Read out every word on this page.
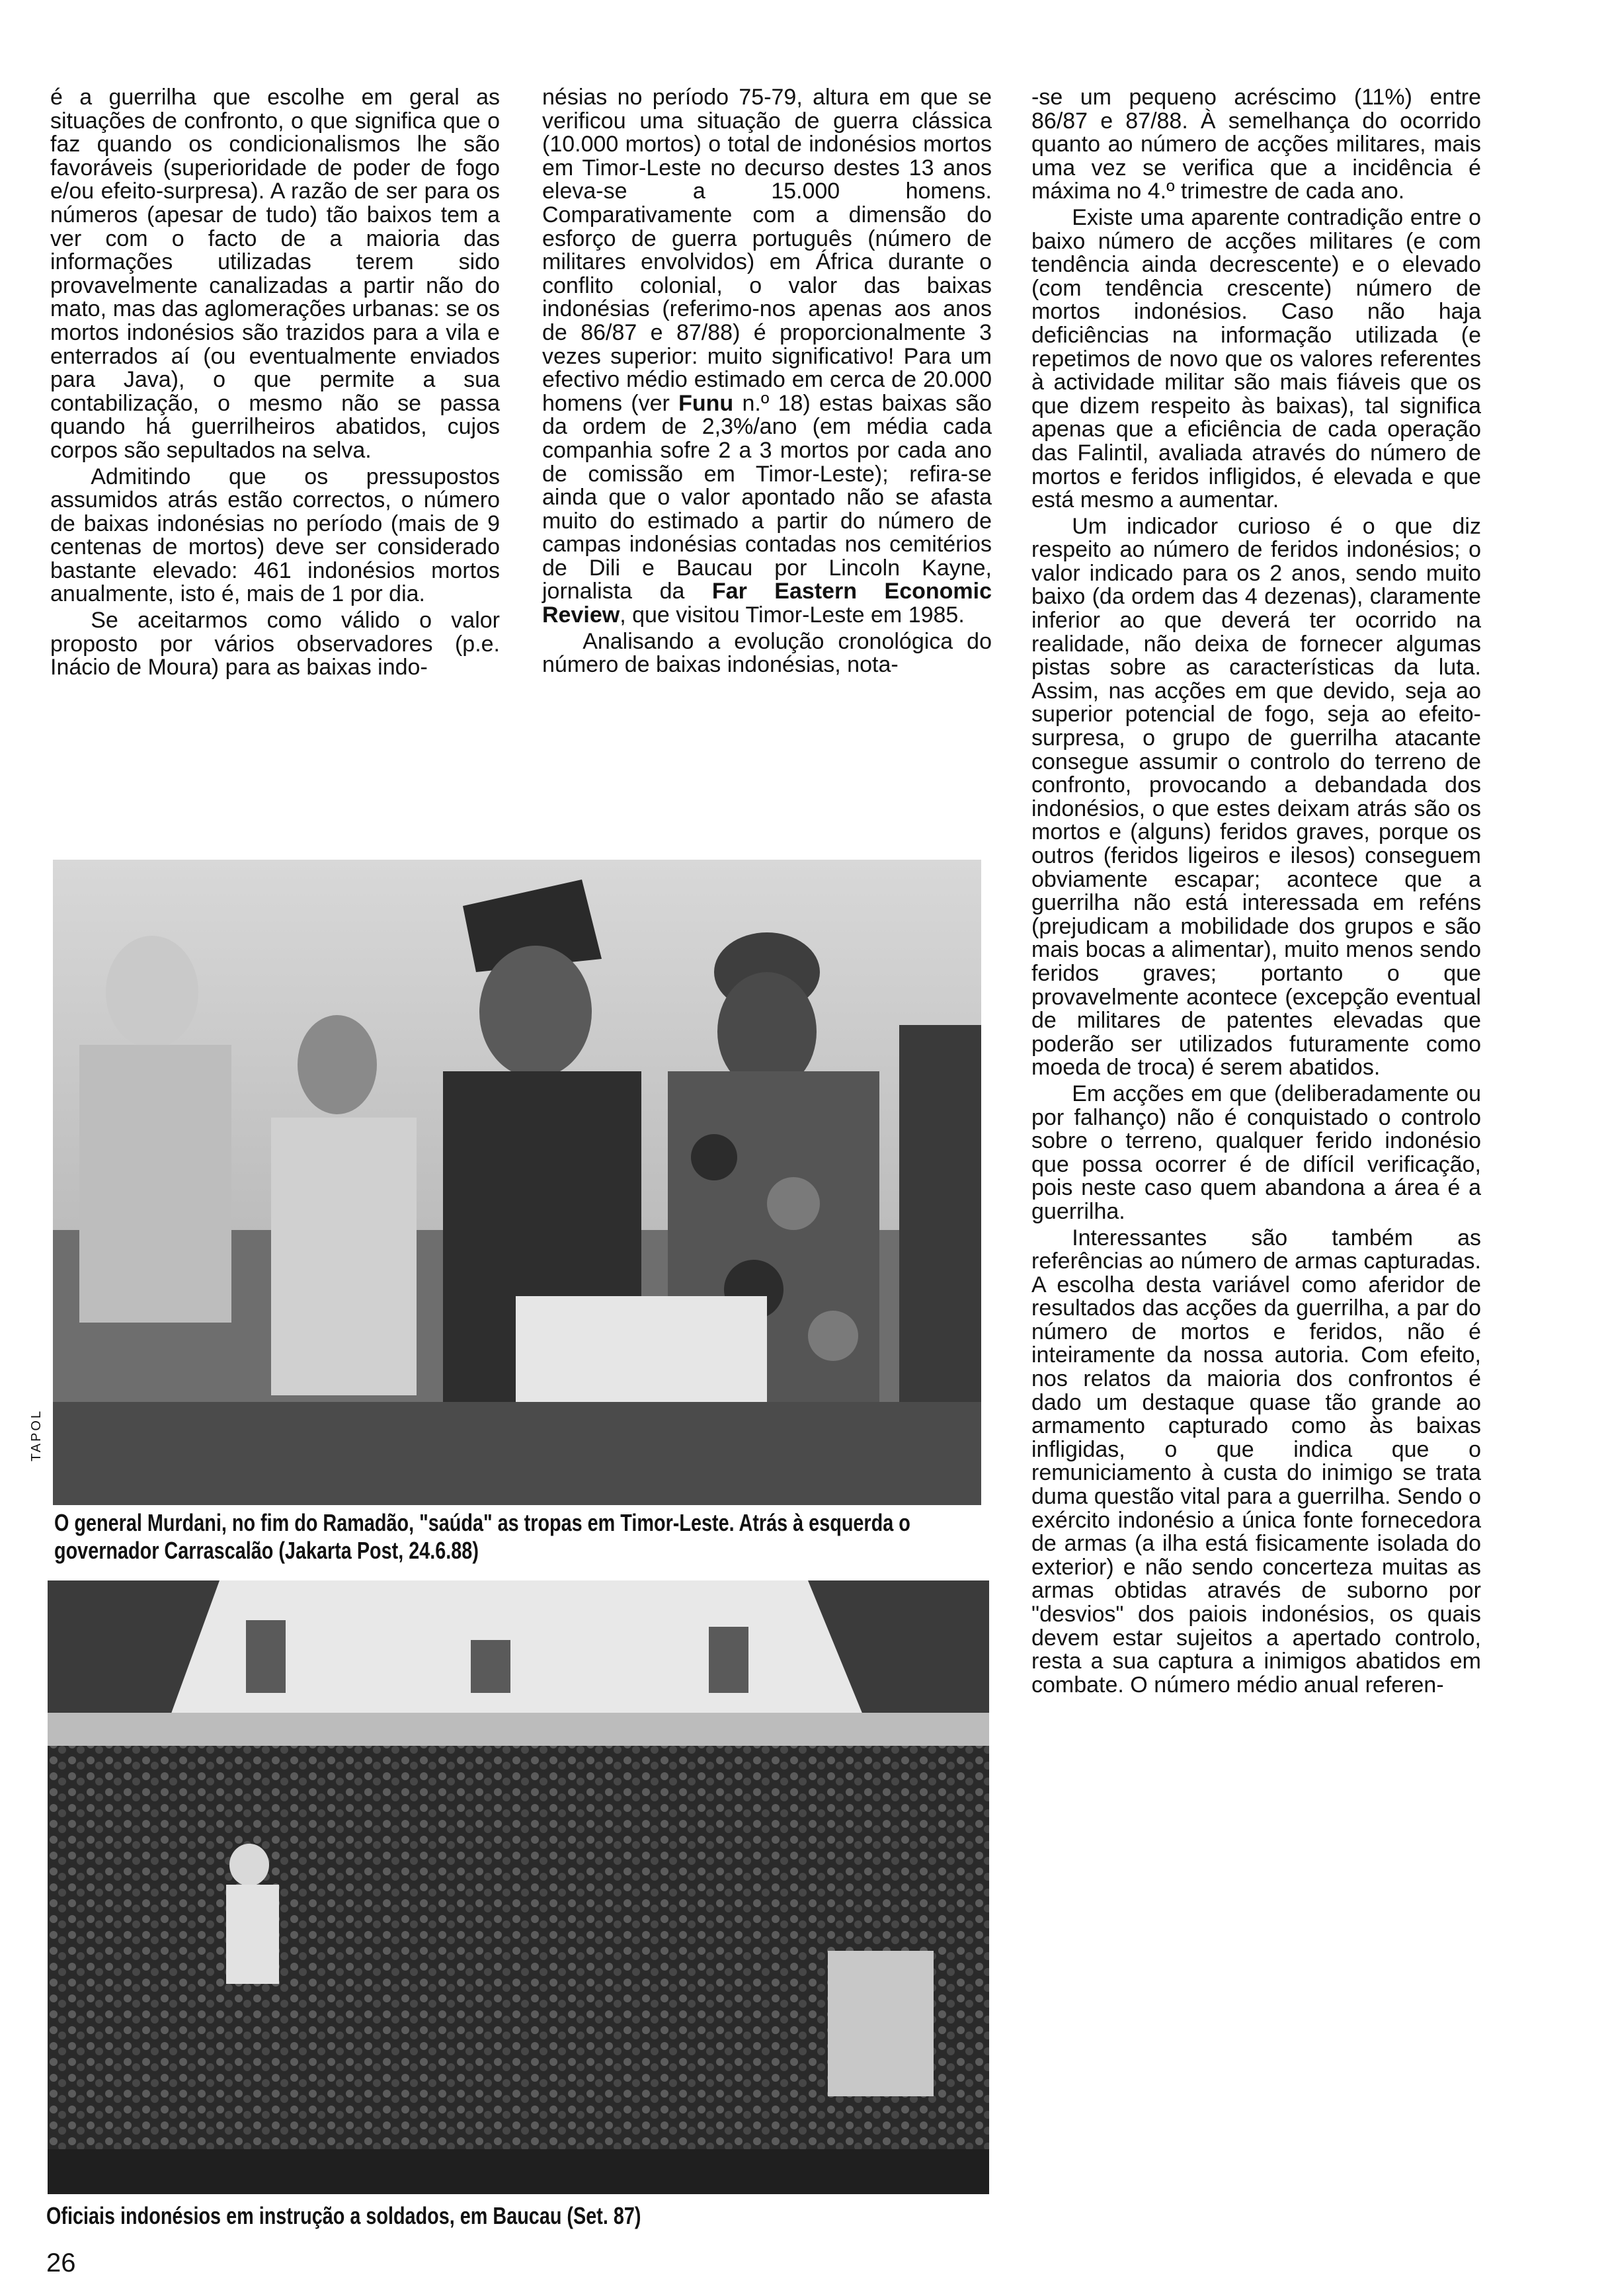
é a guerrilha que escolhe em geral as situações de confronto, o que significa que o faz quando os condicionalismos lhe são favoráveis (superioridade de poder de fogo e/ou efeito-surpresa). A razão de ser para os números (apesar de tudo) tão baixos tem a ver com o facto de a maioria das informações utilizadas terem sido provavelmente canalizadas a partir não do mato, mas das aglomerações urbanas: se os mortos indonésios são trazidos para a vila e enterrados aí (ou eventualmente enviados para Java), o que permite a sua contabilização, o mesmo não se passa quando há guerrilheiros abatidos, cujos corpos são sepultados na selva.

Admitindo que os pressupostos assumidos atrás estão correctos, o número de baixas indonésias no período (mais de 9 centenas de mortos) deve ser considerado bastante elevado: 461 indonésios mortos anualmente, isto é, mais de 1 por dia.

Se aceitarmos como válido o valor proposto por vários observadores (p.e. Inácio de Moura) para as baixas indo-

nésias no período 75-79, altura em que se verificou uma situação de guerra clássica (10.000 mortos) o total de indonésios mortos em Timor-Leste no decurso destes 13 anos eleva-se a 15.000 homens. Comparativamente com a dimensão do esforço de guerra português (número de militares envolvidos) em África durante o conflito colonial, o valor das baixas indonésias (referimo-nos apenas aos anos de 86/87 e 87/88) é proporcionalmente 3 vezes superior: muito significativo! Para um efectivo médio estimado em cerca de 20.000 homens (ver Funu n.º 18) estas baixas são da ordem de 2,3%/ano (em média cada companhia sofre 2 a 3 mortos por cada ano de comissão em Timor-Leste); refira-se ainda que o valor apontado não se afasta muito do estimado a partir do número de campas indonésias contadas nos cemitérios de Dili e Baucau por Lincoln Kayne, jornalista da Far Eastern Economic Review, que visitou Timor-Leste em 1985.

Analisando a evolução cronológica do número de baixas indonésias, nota-

-se um pequeno acréscimo (11%) entre 86/87 e 87/88. À semelhança do ocorrido quanto ao número de acções militares, mais uma vez se verifica que a incidência é máxima no 4.º trimestre de cada ano.

Existe uma aparente contradição entre o baixo número de acções militares (e com tendência ainda decrescente) e o elevado (com tendência crescente) número de mortos indonésios. Caso não haja deficiências na informação utilizada (e repetimos de novo que os valores referentes à actividade militar são mais fiáveis que os que dizem respeito às baixas), tal significa apenas que a eficiência de cada operação das Falintil, avaliada através do número de mortos e feridos infligidos, é elevada e que está mesmo a aumentar.

Um indicador curioso é o que diz respeito ao número de feridos indonésios; o valor indicado para os 2 anos, sendo muito baixo (da ordem das 4 dezenas), claramente inferior ao que deverá ter ocorrido na realidade, não deixa de fornecer algumas pistas sobre as características da luta. Assim, nas acções em que devido, seja ao superior potencial de fogo, seja ao efeito-surpresa, o grupo de guerrilha atacante consegue assumir o controlo do terreno de confronto, provocando a debandada dos indonésios, o que estes deixam atrás são os mortos e (alguns) feridos graves, porque os outros (feridos ligeiros e ilesos) conseguem obviamente escapar; acontece que a guerrilha não está interessada em reféns (prejudicam a mobilidade dos grupos e são mais bocas a alimentar), muito menos sendo feridos graves; portanto o que provavelmente acontece (excepção eventual de militares de patentes elevadas que poderão ser utilizados futuramente como moeda de troca) é serem abatidos.

Em acções em que (deliberadamente ou por falhanço) não é conquistado o controlo sobre o terreno, qualquer ferido indonésio que possa ocorrer é de difícil verificação, pois neste caso quem abandona a área é a guerrilha.

Interessantes são também as referências ao número de armas capturadas. A escolha desta variável como aferidor de resultados das acções da guerrilha, a par do número de mortos e feridos, não é inteiramente da nossa autoria. Com efeito, nos relatos da maioria dos confrontos é dado um destaque quase tão grande ao armamento capturado como às baixas infligidas, o que indica que o remuniciamento à custa do inimigo se trata duma questão vital para a guerrilha. Sendo o exército indonésio a única fonte fornecedora de armas (a ilha está fisicamente isolada do exterior) e não sendo concerteza muitas as armas obtidas através de suborno por "desvios" dos paiois indonésios, os quais devem estar sujeitos a apertado controlo, resta a sua captura a inimigos abatidos em combate. O número médio anual referen-

TAPOL
O general Murdani, no fim do Ramadão, "saúda" as tropas em Timor-Leste. Atrás à esquerda o governador Carrascalão (Jakarta Post, 24.6.88)
Oficiais indonésios em instrução a soldados, em Baucau (Set. 87)
26
